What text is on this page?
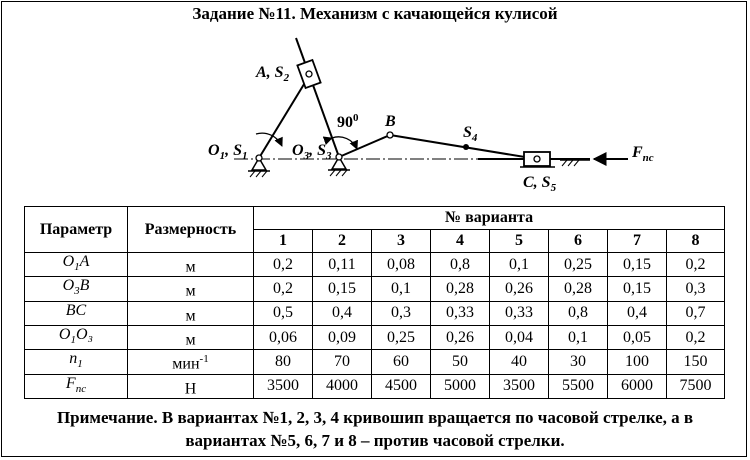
Задание №11. Механизм с качающейся кулисой
A, $S_2$
$O_1$, $S_1$	$O_3$, $S_3$
$90^0$ B
$S_4$
C, $S_5$
$F_{пс}$
Параметр	Размерность	№ варианта							
		1	2	3	4	5	6	7	8
$O_1A$	м	0,2	0,11	0,08	0,8	0,1	0,25	0,15	0,2
$O_3B$	м	0,2	0,15	0,1	0,28	0,26	0,28	0,15	0,3
BC	м	0,5	0,4	0,3	0,33	0,33	0,8	0,4	0,7
$O_1O_3$	м	0,06	0,09	0,25	0,26	0,04	0,1	0,05	0,2
$n_1$	мин$^{-1}$	80	70	60	50	40	30	100	150
$F_{пс}$	Н	3500	4000	4500	5000	3500	5500	6000	7500

Примечание. В вариантах №1, 2, 3, 4 кривошип вращается по часовой стрелке, а в

вариантах №5, 6, 7 и 8 – против часовой стрелки.
